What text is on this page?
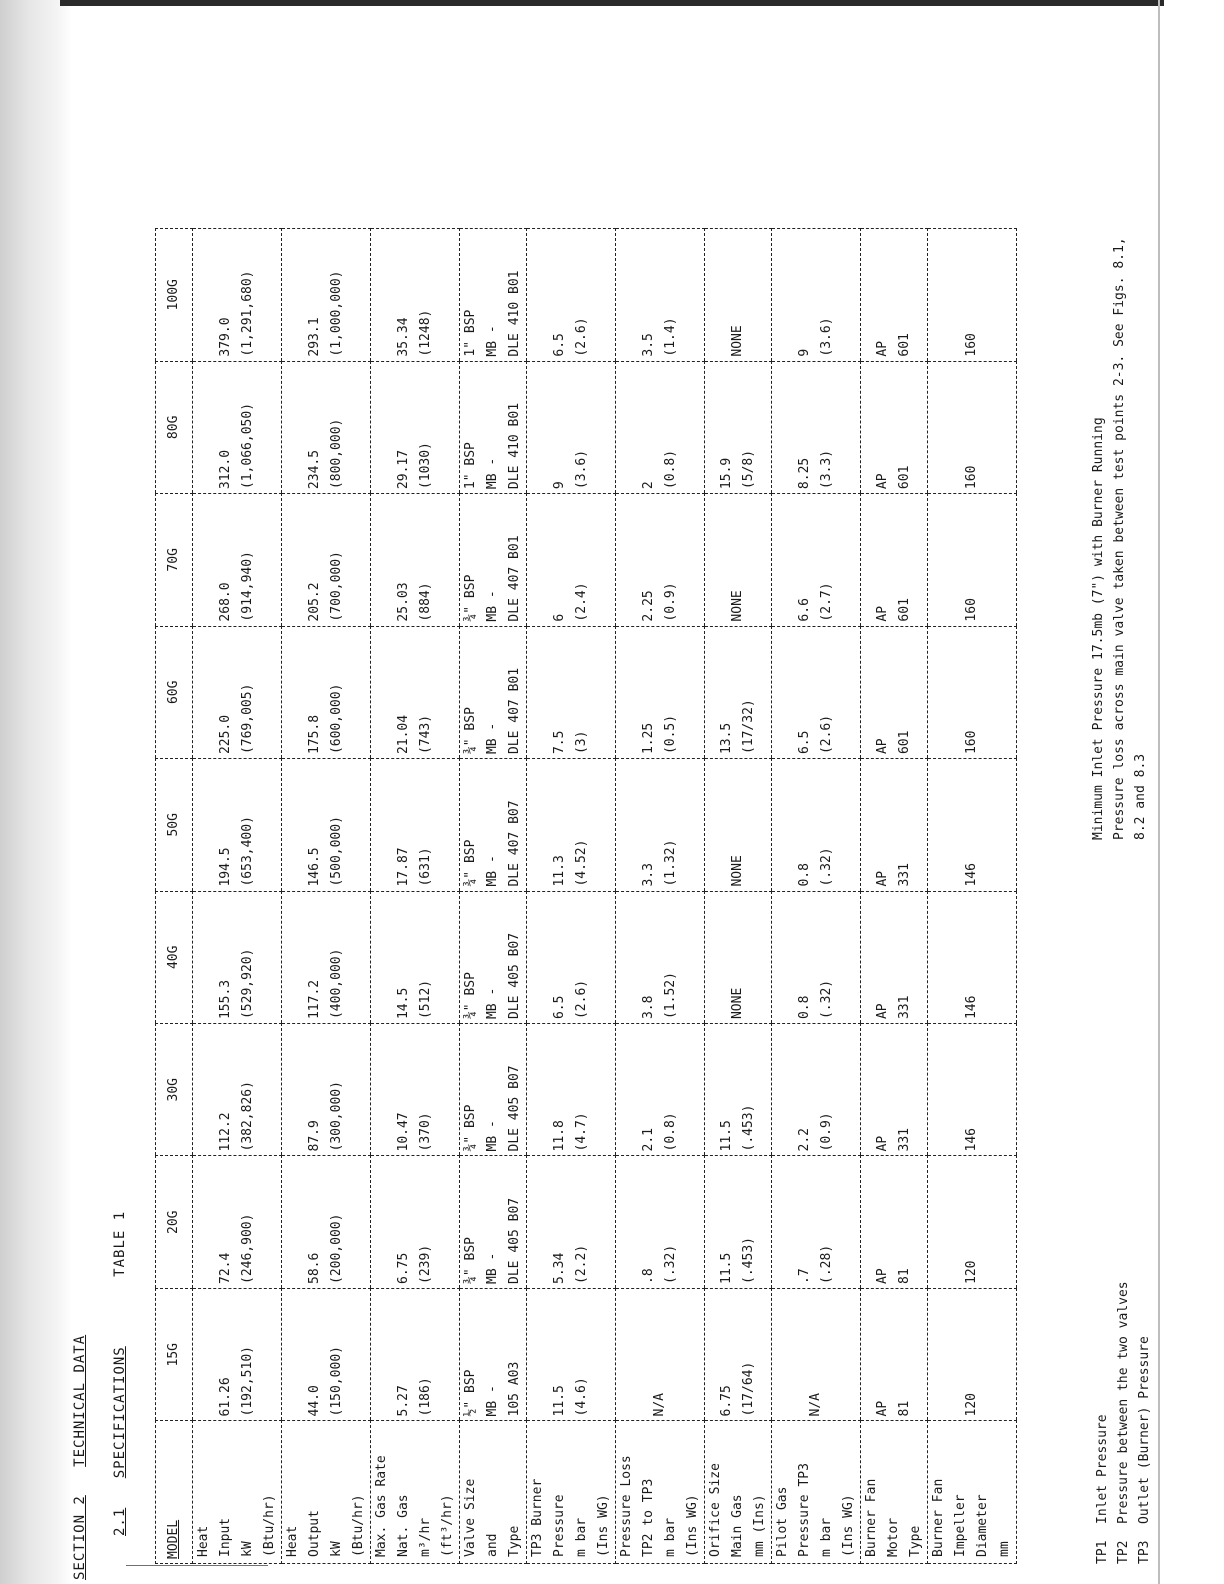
SECTION 2   TECHNICAL DATA
2.1 SPECIFICATIONS TABLE 1
MODEL	15G	20G	30G	40G	50G	60G	70G	80G	100G

Heat Input kW (Btu/hr)	61.26 (192,510)	72.4 (246,900)	112.2 (382,826)	155.3 (529,920)	194.5 (653,400)	225.0 (769,005)	268.0 (914,940)	312.0 (1,066,050)	379.0 (1,291,680)

Heat Output kW (Btu/hr)	44.0 (150,000)	58.6 (200,000)	87.9 (300,000)	117.2 (400,000)	146.5 (500,000)	175.8 (600,000)	205.2 (700,000)	234.5 (800,000)	293.1 (1,000,000)

Max. Gas Rate Nat. Gas m³/hr (ft³/hr)	5.27 (186)	6.75 (239)	10.47 (370)	14.5 (512)	17.87 (631)	21.04 (743)	25.03 (884)	29.17 (1030)	35.34 (1248)

Valve Size and Type	½" BSP MB - 105 A03	¾" BSP MB - DLE 405 B07	¾" BSP MB - DLE 405 B07	¾" BSP MB - DLE 405 B07	¾" BSP MB - DLE 407 B07	¾" BSP MB - DLE 407 B01	¾" BSP MB - DLE 407 B01	1" BSP MB - DLE 410 B01	1" BSP MB - DLE 410 B01

TP3 Burner Pressure m bar (Ins WG)	11.5 (4.6)	5.34 (2.2)	11.8 (4.7)	6.5 (2.6)	11.3 (4.52)	7.5 (3)	6 (2.4)	9 (3.6)	6.5 (2.6)

Pressure Loss TP2 to TP3 m bar (Ins WG)	N/A	.8 (.32)	2.1 (0.8)	3.8 (1.52)	3.3 (1.32)	1.25 (0.5)	2.25 (0.9)	2 (0.8)	3.5 (1.4)

Orifice Size Main Gas mm (Ins)	6.75 (17/64)	11.5 (.453)	11.5 (.453)	NONE	NONE	13.5 (17/32)	NONE	15.9 (5/8)	NONE

Pilot Gas Pressure TP3 m bar (Ins WG)	N/A	.7 (.28)	2.2 (0.9)	0.8 (.32)	0.8 (.32)	6.5 (2.6)	6.6 (2.7)	8.25 (3.3)	9 (3.6)

Burner Fan Motor Type	AP 81	AP 81	AP 331	AP 331	AP 331	AP 601	AP 601	AP 601	AP 601

Burner Fan Impeller Diameter mm	120	120	146	146	146	160	160	160	160
TP1Inlet Pressure
TP2Pressure between the two valves
TP3Outlet (Burner) Pressure
Minimum Inlet Pressure 17.5mb (7") with Burner Running Pressure loss across main valve taken between test points 2-3. See Figs. 8.1, 8.2 and 8.3
